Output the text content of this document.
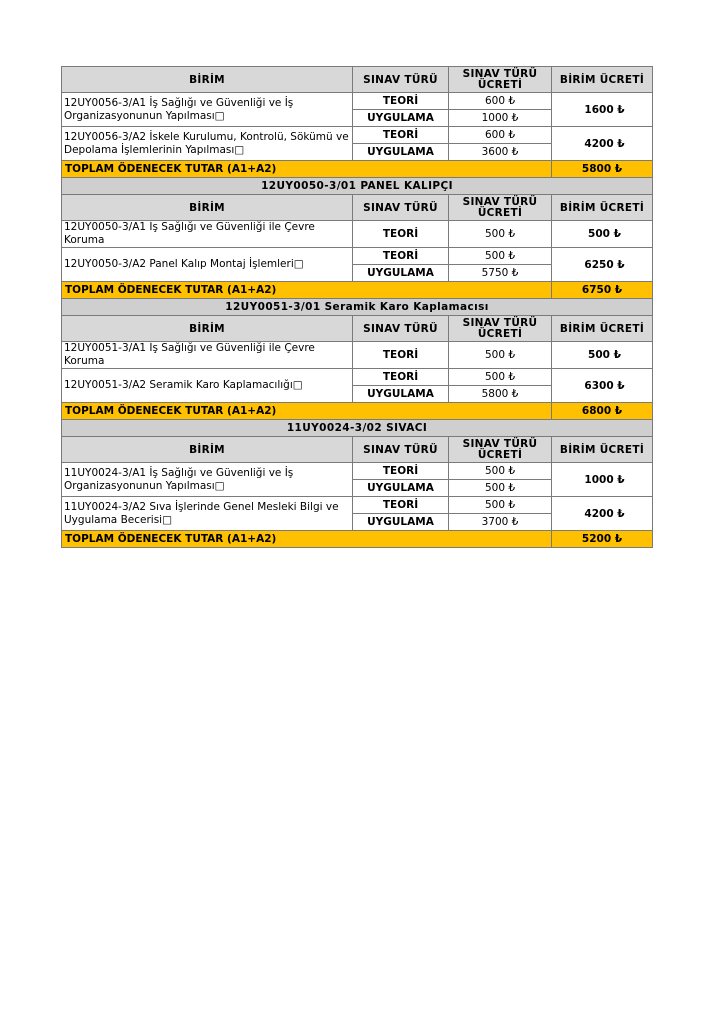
BİRİM	SINAV TÜRÜ	SINAV TÜRÜ ÜCRETİ	BİRİM ÜCRETİ
12UY0056-3/A1 İş Sağlığı ve Güvenliği ve İş Organizasyonunun Yapılması□	TEORİ	600 ₺	1600 ₺
	UYGULAMA	1000 ₺	
12UY0056-3/A2 İskele Kurulumu, Kontrolü, Sökümü ve Depolama İşlemlerinin Yapılması□	TEORİ	600 ₺	4200 ₺
	UYGULAMA	3600 ₺	
TOPLAM ÖDENECEK TUTAR (A1+A2)			5800 ₺
12UY0050-3/01 PANEL KALIPÇI			
BİRİM	SINAV TÜRÜ	SINAV TÜRÜ ÜCRETİ	BİRİM ÜCRETİ
12UY0050-3/A1 İş Sağlığı ve Güvenliği ile Çevre Koruma	TEORİ	500 ₺	500 ₺
12UY0050-3/A2 Panel Kalıp Montaj İşlemleri□	TEORİ	500 ₺	6250 ₺
	UYGULAMA	5750 ₺	
TOPLAM ÖDENECEK TUTAR (A1+A2)			6750 ₺
12UY0051-3/01 Seramik Karo Kaplamacısı			
BİRİM	SINAV TÜRÜ	SINAV TÜRÜ ÜCRETİ	BİRİM ÜCRETİ
12UY0051-3/A1 İş Sağlığı ve Güvenliği ile Çevre Koruma	TEORİ	500 ₺	500 ₺
12UY0051-3/A2 Seramik Karo Kaplamacılığı□	TEORİ	500 ₺	6300 ₺
	UYGULAMA	5800 ₺	
TOPLAM ÖDENECEK TUTAR (A1+A2)			6800 ₺
11UY0024-3/02 SIVACI			
BİRİM	SINAV TÜRÜ	SINAV TÜRÜ ÜCRETİ	BİRİM ÜCRETİ
11UY0024-3/A1 İş Sağlığı ve Güvenliği ve İş Organizasyonunun Yapılması□	TEORİ	500 ₺	1000 ₺
	UYGULAMA	500 ₺	
11UY0024-3/A2 Sıva İşlerinde Genel Mesleki Bilgi ve Uygulama Becerisi□	TEORİ	500 ₺	4200 ₺
	UYGULAMA	3700 ₺	
TOPLAM ÖDENECEK TUTAR (A1+A2)			5200 ₺
